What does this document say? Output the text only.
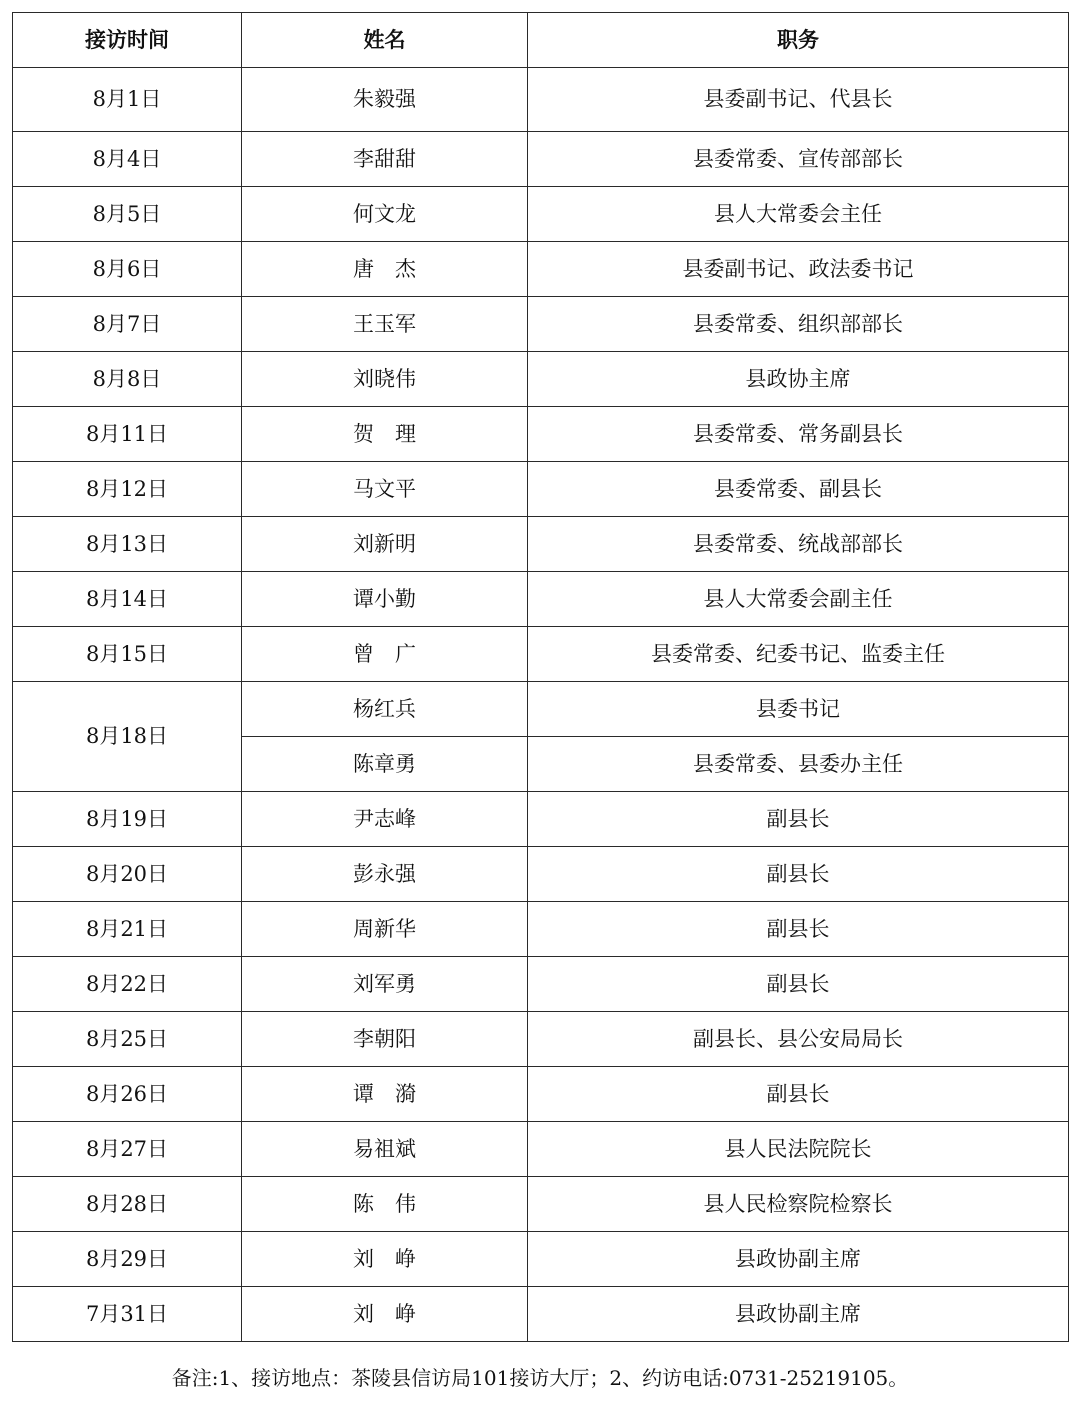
接访时间	姓名	职务
8月1日	朱毅强	县委副书记、代县长
8月4日	李甜甜	县委常委、宣传部部长
8月5日	何文龙	县人大常委会主任
8月6日	唐　杰	县委副书记、政法委书记
8月7日	王玉军	县委常委、组织部部长
8月8日	刘晓伟	县政协主席
8月11日	贺　理	县委常委、常务副县长
8月12日	马文平	县委常委、副县长
8月13日	刘新明	县委常委、统战部部长
8月14日	谭小勤	县人大常委会副主任
8月15日	曾　广	县委常委、纪委书记、监委主任
8月18日	杨红兵	县委书记
	陈章勇	县委常委、县委办主任
8月19日	尹志峰	副县长
8月20日	彭永强	副县长
8月21日	周新华	副县长
8月22日	刘军勇	副县长
8月25日	李朝阳	副县长、县公安局局长
8月26日	谭　漪	副县长
8月27日	易祖斌	县人民法院院长
8月28日	陈　伟	县人民检察院检察长
8月29日	刘　峥	县政协副主席
7月31日	刘　峥	县政协副主席
备注:1、接访地点：茶陵县信访局101接访大厅；2、约访电话:0731-25219105。
